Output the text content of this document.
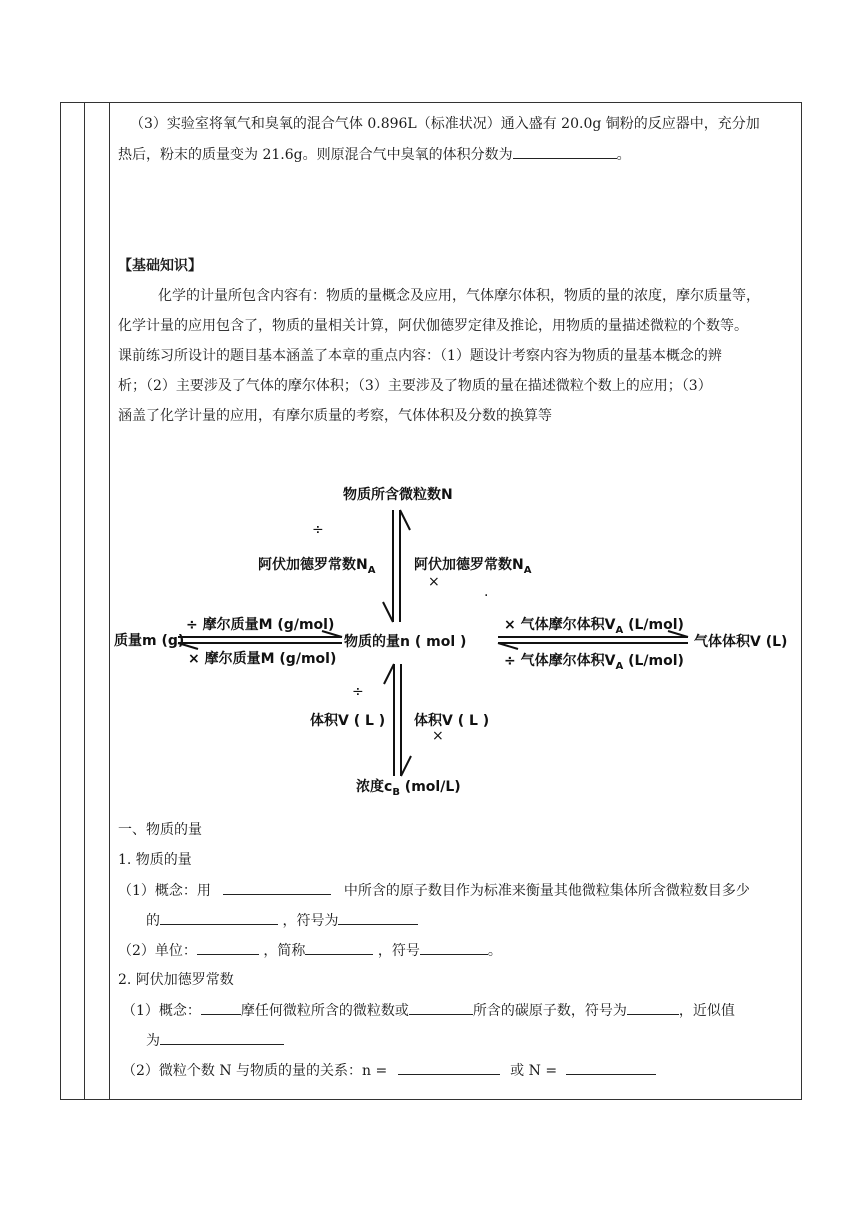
（3）实验室将氧气和臭氧的混合气体 0.896L（标准状况）通入盛有 20.0g 铜粉的反应器中，充分加
热后，粉末的质量变为 21.6g。则原混合气中臭氧的体积分数为	。
【基础知识】
化学的计量所包含内容有：物质的量概念及应用，气体摩尔体积，物质的量的浓度，摩尔质量等，
化学计量的应用包含了，物质的量相关计算，阿伏伽德罗定律及推论，用物质的量描述微粒的个数等。
课前练习所设计的题目基本涵盖了本章的重点内容：（1）题设计考察内容为物质的量基本概念的辨
析；（2）主要涉及了气体的摩尔体积；（3）主要涉及了物质的量在描述微粒个数上的应用；（3）
涵盖了化学计量的应用，有摩尔质量的考察，气体体积及分数的换算等
物质所含微粒数N
÷
阿伏加德罗常数$N_A$	阿伏加德罗常数$N_A$
×
.
质量m (g)	物质的量n ( mol )	气体体积V (L)
÷ 摩尔质量M (g/mol)
× 摩尔质量M (g/mol)
× 气体摩尔体积$V_A$ (L/mol)
÷ 气体摩尔体积$V_A$ (L/mol)
÷
体积V ( L ) 体积V ( L )
×
浓度$c_B$ (mol/L)
一、物质的量
1. 物质的量
（1）概念：用	中所含的原子数目作为标准来衡量其他微粒集体所含微粒数目多少
的	，符号为
（2）单位：	，简称	，符号	。
2. 阿伏加德罗常数
（1）概念：	摩任何微粒所含的微粒数或	所含的碳原子数，符号为	，近似值
为
（2）微粒个数 N 与物质的量的关系：n =	或 N =
